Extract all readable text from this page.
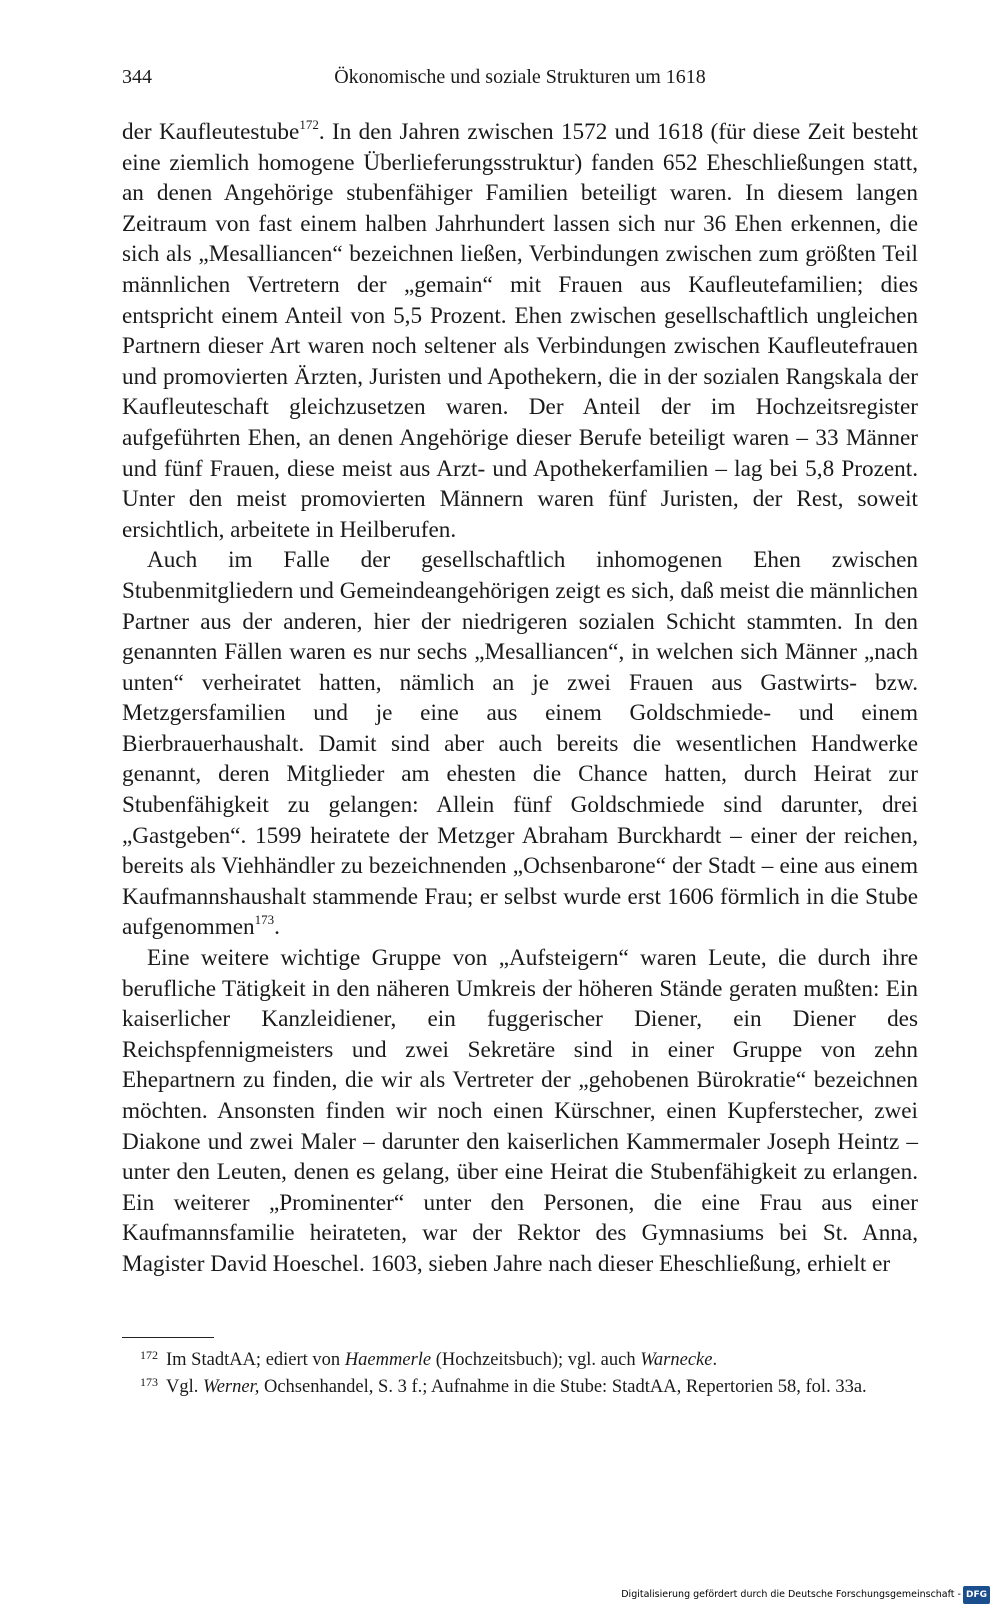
344	Ökonomische und soziale Strukturen um 1618

der Kaufleutestube$^{172}$. In den Jahren zwischen 1572 und 1618 (für diese Zeit besteht eine ziemlich homogene Überlieferungsstruktur) fanden 652 Eheschließungen statt, an denen Angehörige stubenfähiger Familien beteiligt waren. In diesem langen Zeitraum von fast einem halben Jahrhundert lassen sich nur 36 Ehen erkennen, die sich als „Mesalliancen“ bezeichnen ließen, Verbindungen zwischen zum größten Teil männlichen Vertretern der „gemain“ mit Frauen aus Kaufleutefamilien; dies entspricht einem Anteil von 5,5 Prozent. Ehen zwischen gesellschaftlich ungleichen Partnern dieser Art waren noch seltener als Verbindungen zwischen Kaufleutefrauen und promovierten Ärzten, Juristen und Apothekern, die in der sozialen Rangskala der Kaufleuteschaft gleichzusetzen waren. Der Anteil der im Hochzeitsregister aufgeführten Ehen, an denen Angehörige dieser Berufe beteiligt waren – 33 Männer und fünf Frauen, diese meist aus Arzt- und Apothekerfamilien – lag bei 5,8 Prozent. Unter den meist promovierten Männern waren fünf Juristen, der Rest, soweit ersichtlich, arbeitete in Heilberufen.

Auch im Falle der gesellschaftlich inhomogenen Ehen zwischen Stubenmitgliedern und Gemeindeangehörigen zeigt es sich, daß meist die männlichen Partner aus der anderen, hier der niedrigeren sozialen Schicht stammten. In den genannten Fällen waren es nur sechs „Mesalliancen“, in welchen sich Männer „nach unten“ verheiratet hatten, nämlich an je zwei Frauen aus Gastwirts- bzw. Metzgersfamilien und je eine aus einem Goldschmiede- und einem Bierbrauerhaushalt. Damit sind aber auch bereits die wesentlichen Handwerke genannt, deren Mitglieder am ehesten die Chance hatten, durch Heirat zur Stubenfähigkeit zu gelangen: Allein fünf Goldschmiede sind darunter, drei „Gastgeben“. 1599 heiratete der Metzger Abraham Burckhardt – einer der reichen, bereits als Viehhändler zu bezeichnenden „Ochsenbarone“ der Stadt – eine aus einem Kaufmannshaushalt stammende Frau; er selbst wurde erst 1606 förmlich in die Stube aufgenommen$^{173}$.

Eine weitere wichtige Gruppe von „Aufsteigern“ waren Leute, die durch ihre berufliche Tätigkeit in den näheren Umkreis der höheren Stände geraten mußten: Ein kaiserlicher Kanzleidiener, ein fuggerischer Diener, ein Diener des Reichspfennigmeisters und zwei Sekretäre sind in einer Gruppe von zehn Ehepartnern zu finden, die wir als Vertreter der „gehobenen Bürokratie“ bezeichnen möchten. Ansonsten finden wir noch einen Kürschner, einen Kupferstecher, zwei Diakone und zwei Maler – darunter den kaiserlichen Kammermaler Joseph Heintz – unter den Leuten, denen es gelang, über eine Heirat die Stubenfähigkeit zu erlangen. Ein weiterer „Prominenter“ unter den Personen, die eine Frau aus einer Kaufmannsfamilie heirateten, war der Rektor des Gymnasiums bei St. Anna, Magister David Hoeschel. 1603, sieben Jahre nach dieser Eheschließung, erhielt er

$^{172}$ Im StadtAA; ediert von Haemmerle (Hochzeitsbuch); vgl. auch Warnecke.

$^{173}$ Vgl. Werner, Ochsenhandel, S. 3 f.; Aufnahme in die Stube: StadtAA, Repertorien 58, fol. 33a.

Digitalisierung gefördert durch die Deutsche Forschungsgemeinschaft - DFG
